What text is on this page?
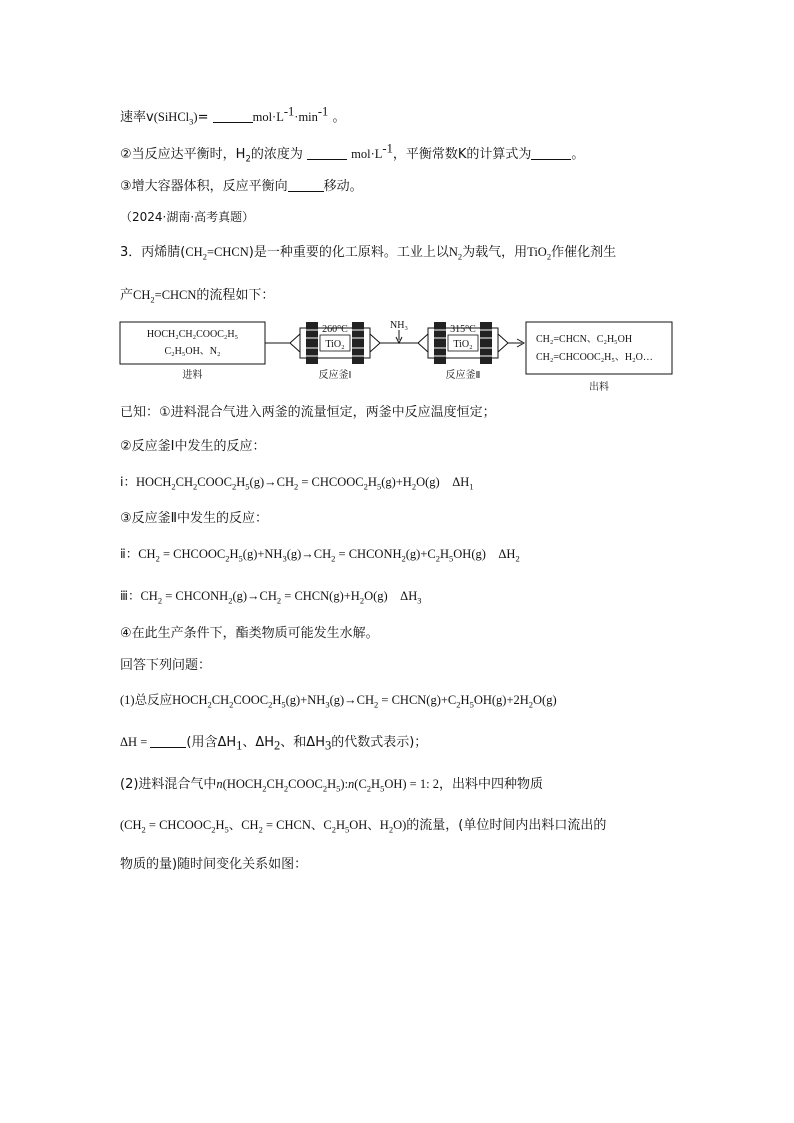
速率v(SiHCl$_3$)=	$mol\cdot L^{-1}\cdot\min^{-1}$ 。
②当反应达平衡时，$H_2$的浓度为	$mol\cdot L^{-1}$，平衡常数K的计算式为	。
③增大容器体积，反应平衡向	移动。
（2024·湖南·高考真题）
3．丙烯腈$(CH_2=CHCN)$是一种重要的化工原料。工业上以$N_2$为载气，用TiO$_2$作催化剂生
产$CH_2=CHCN$的流程如下：
HOCH₂CH₂COOC₂H₅
C₂H₅OH、N₂
进料
260°C
TiO₂
反应釜Ⅰ
NH₃	315°C
TiO₂
反应釜Ⅱ
CH₂=CHCN、C₂H₅OH
CH₂=CHCOOC₂H₅、H₂O…
出料
已知：①进料混合气进入两釜的流量恒定，两釜中反应温度恒定；
②反应釜Ⅰ中发生的反应：
ⅰ：$HOCH_2CH_2COOC_2H_5(g)\to CH_2$ = $CHCOOC_2H_5(g)+H_2O(g)$　$\Delta H_1$
③反应釜Ⅱ中发生的反应：
ⅱ：$CH_2$ = $CHCOOC_2H_5(g)+NH_3(g)\to CH_2$ = $CHCONH_2(g)+C_2H_5OH(g)$　$\Delta H_2$
ⅲ：$CH_2$ = $CHCONH_2(g)\to CH_2$ = $CHCN(g)+H_2O(g)$　$\Delta H_3$
④在此生产条件下，酯类物质可能发生水解。
回答下列问题：
(1)总反应$HOCH_2CH_2COOC_2H_5(g)+NH_3(g)\to CH_2$ = $CHCN(g)+C_2H_5OH(g)+2H_2O(g)$
ΔH =	(用含$\Delta H_1$、$\Delta H_2$、和$\Delta H_3$的代数式表示)；
(2)进料混合气中$n(HOCH_2CH_2COOC_2H_5):n(C_2H_5OH) = 1$: 2，出料中四种物质
($CH_2$ = $CHCOOC_2H_5$、$CH_2$ = CHCN、$C_2H_5OH$、$H_2O$)的流量，(单位时间内出料口流出的
物质的量)随时间变化关系如图：
